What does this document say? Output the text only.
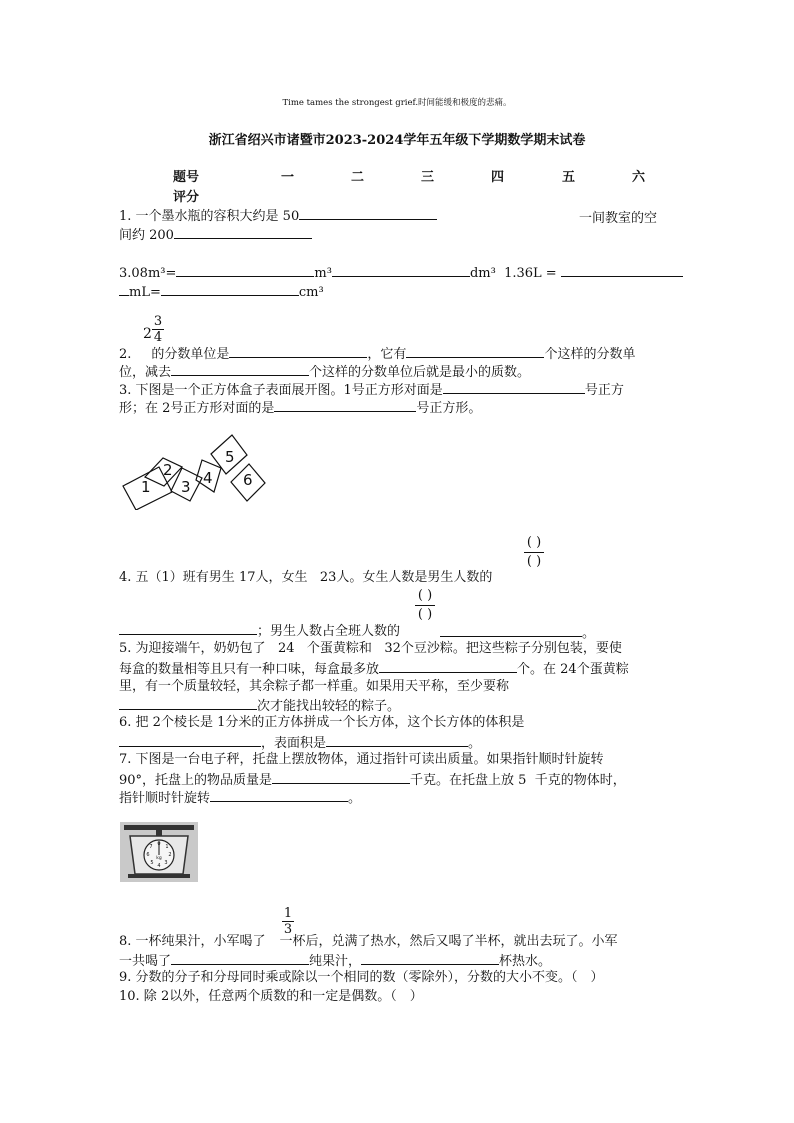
Time tames the strongest grief.时间能缓和极度的悲痛。
浙江省绍兴市诸暨市2023-2024学年五年级下学期数学期末试卷
题号	一	二	三	四	五	六
评分
1. 一个墨水瓶的容积大约是 50	一间教室的空
间约 200
3.08m³=	m³	dm³ 1.36L =
mL=	cm³
$2 \frac{3}{4}$
2. 的分数单位是	，它有	个这样的分数单
位，减去	个这样的分数单位后就是最小的质数。
3. 下图是一个正方体盒子表面展开图。1号正方形对面是	号正方
形；在 2号正方形对面的是	号正方形。
1
2
3 4
5
6
( )
( )
4. 五（1）班有男生 17人，女生 23人。女生人数是男生人数的
( )
( )
；男生人数占全班人数的	。
5. 为迎接端午，奶奶包了 24 个蛋黄粽和 32个豆沙粽。把这些粽子分别包装，要使
每盒的数量相等且只有一种口味，每盒最多放	个。在 24个蛋黄粽
里，有一个质量较轻，其余粽子都一样重。如果用天平称，至少要称
次才能找出较轻的粽子。
6. 把 2个棱长是 1分米的正方体拼成一个长方体，这个长方体的体积是
，表面积是	。
7. 下图是一台电子秤，托盘上摆放物体，通过指针可读出质量。如果指针顺时针旋转
90°，托盘上的物品质量是	千克。在托盘上放 5 千克的物体时，
指针顺时针旋转	。
0 1
2
3
4
5
6
7
kg
$\frac{1}{3}$
8. 一杯纯果汁，小军喝了 一杯后，兑满了热水，然后又喝了半杯，就出去玩了。小军
一共喝了	纯果汁，	杯热水。
9. 分数的分子和分母同时乘或除以一个相同的数（零除外），分数的大小不变。（　）
10. 除 2以外，任意两个质数的和一定是偶数。（　）
